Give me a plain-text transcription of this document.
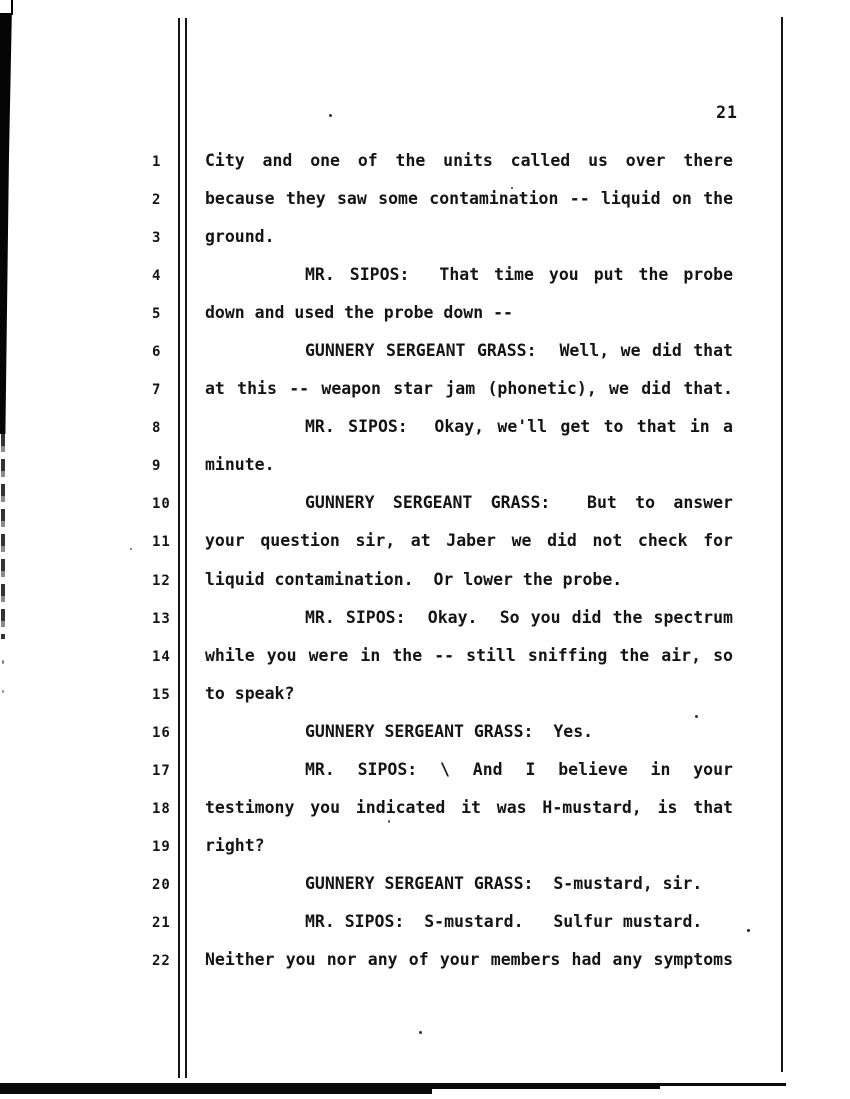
21
1	City and one of the units called us over there
2	because they saw some contamination -- liquid on the
3	ground.
4	MR. SIPOS:  That time you put the probe
5	down and used the probe down --
6	GUNNERY SERGEANT GRASS:  Well, we did that
7	at this -- weapon star jam (phonetic), we did that.
8	MR. SIPOS:  Okay, we'll get to that in a
9	minute.
10	GUNNERY SERGEANT GRASS:  But to answer
11	your question sir, at Jaber we did not check for
12	liquid contamination.  Or lower the probe.
13	MR. SIPOS:  Okay.  So you did the spectrum
14	while you were in the -- still sniffing the air, so
15	to speak?
16	GUNNERY SERGEANT GRASS:  Yes.
17	MR. SIPOS: \ And I believe in your
18	testimony you indicated it was H-mustard, is that
19	right?
20	GUNNERY SERGEANT GRASS:  S-mustard, sir.
21	MR. SIPOS:  S-mustard.   Sulfur mustard.
22	Neither you nor any of your members had any symptoms
